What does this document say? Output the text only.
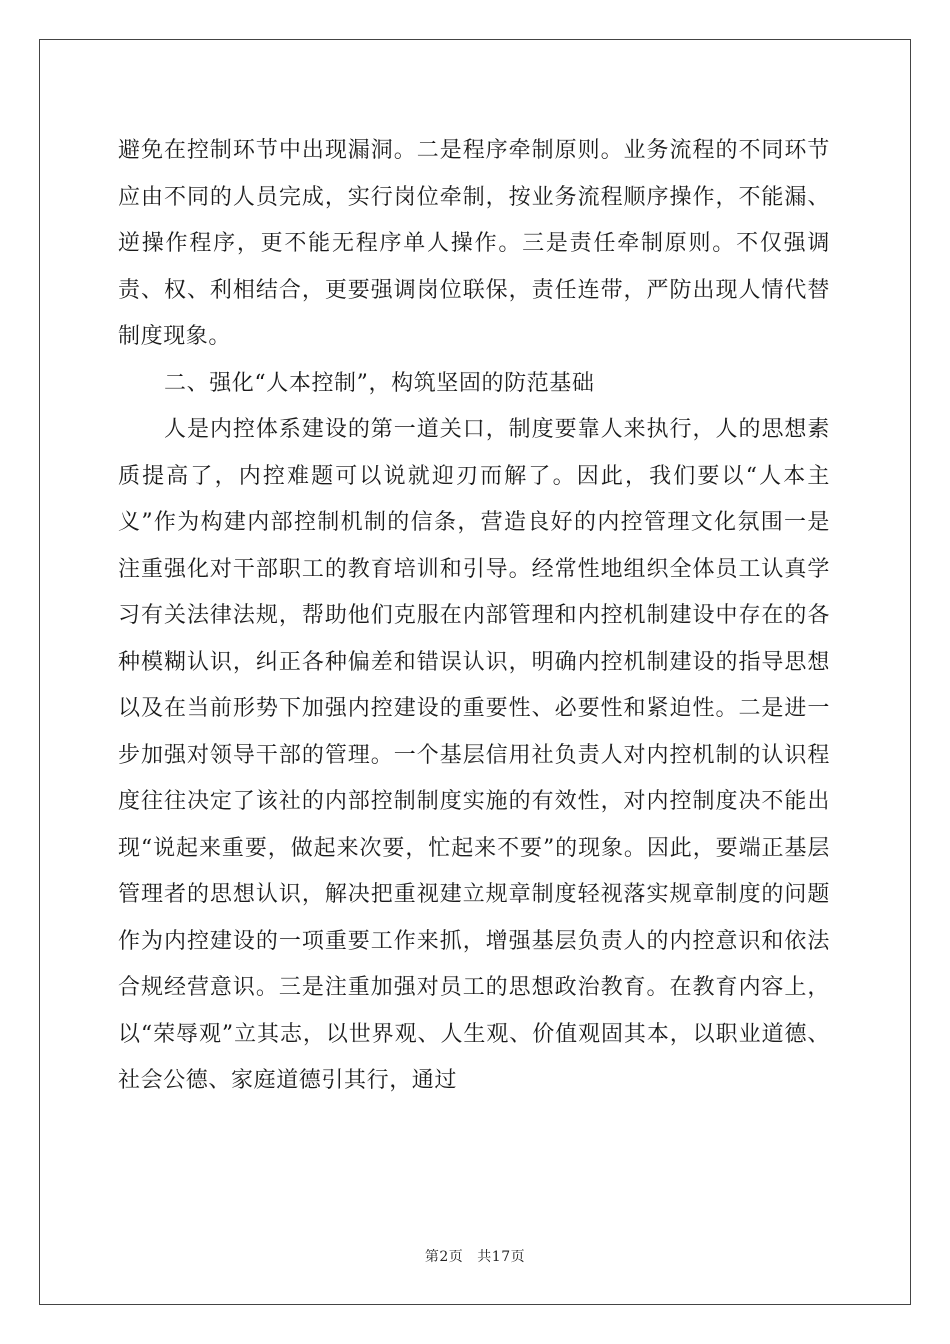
避免在控制环节中出现漏洞。二是程序牵制原则。业务流程的不同环节应由不同的人员完成，实行岗位牵制，按业务流程顺序操作，不能漏、逆操作程序，更不能无程序单人操作。三是责任牵制原则。不仅强调责、权、利相结合，更要强调岗位联保，责任连带，严防出现人情代替制度现象。

二、强化“人本控制”，构筑坚固的防范基础

人是内控体系建设的第一道关口，制度要靠人来执行，人的思想素质提高了，内控难题可以说就迎刃而解了。因此，我们要以“人本主义”作为构建内部控制机制的信条，营造良好的内控管理文化氛围一是注重强化对干部职工的教育培训和引导。经常性地组织全体员工认真学习有关法律法规，帮助他们克服在内部管理和内控机制建设中存在的各种模糊认识，纠正各种偏差和错误认识，明确内控机制建设的指导思想以及在当前形势下加强内控建设的重要性、必要性和紧迫性。二是进一步加强对领导干部的管理。一个基层信用社负责人对内控机制的认识程度往往决定了该社的内部控制制度实施的有效性，对内控制度决不能出现“说起来重要，做起来次要，忙起来不要”的现象。因此，要端正基层管理者的思想认识，解决把重视建立规章制度轻视落实规章制度的问题作为内控建设的一项重要工作来抓，增强基层负责人的内控意识和依法合规经营意识。三是注重加强对员工的思想政治教育。在教育内容上，以“荣辱观”立其志，以世界观、人生观、价值观固其本，以职业道德、社会公德、家庭道德引其行，通过

第2页 共17页
